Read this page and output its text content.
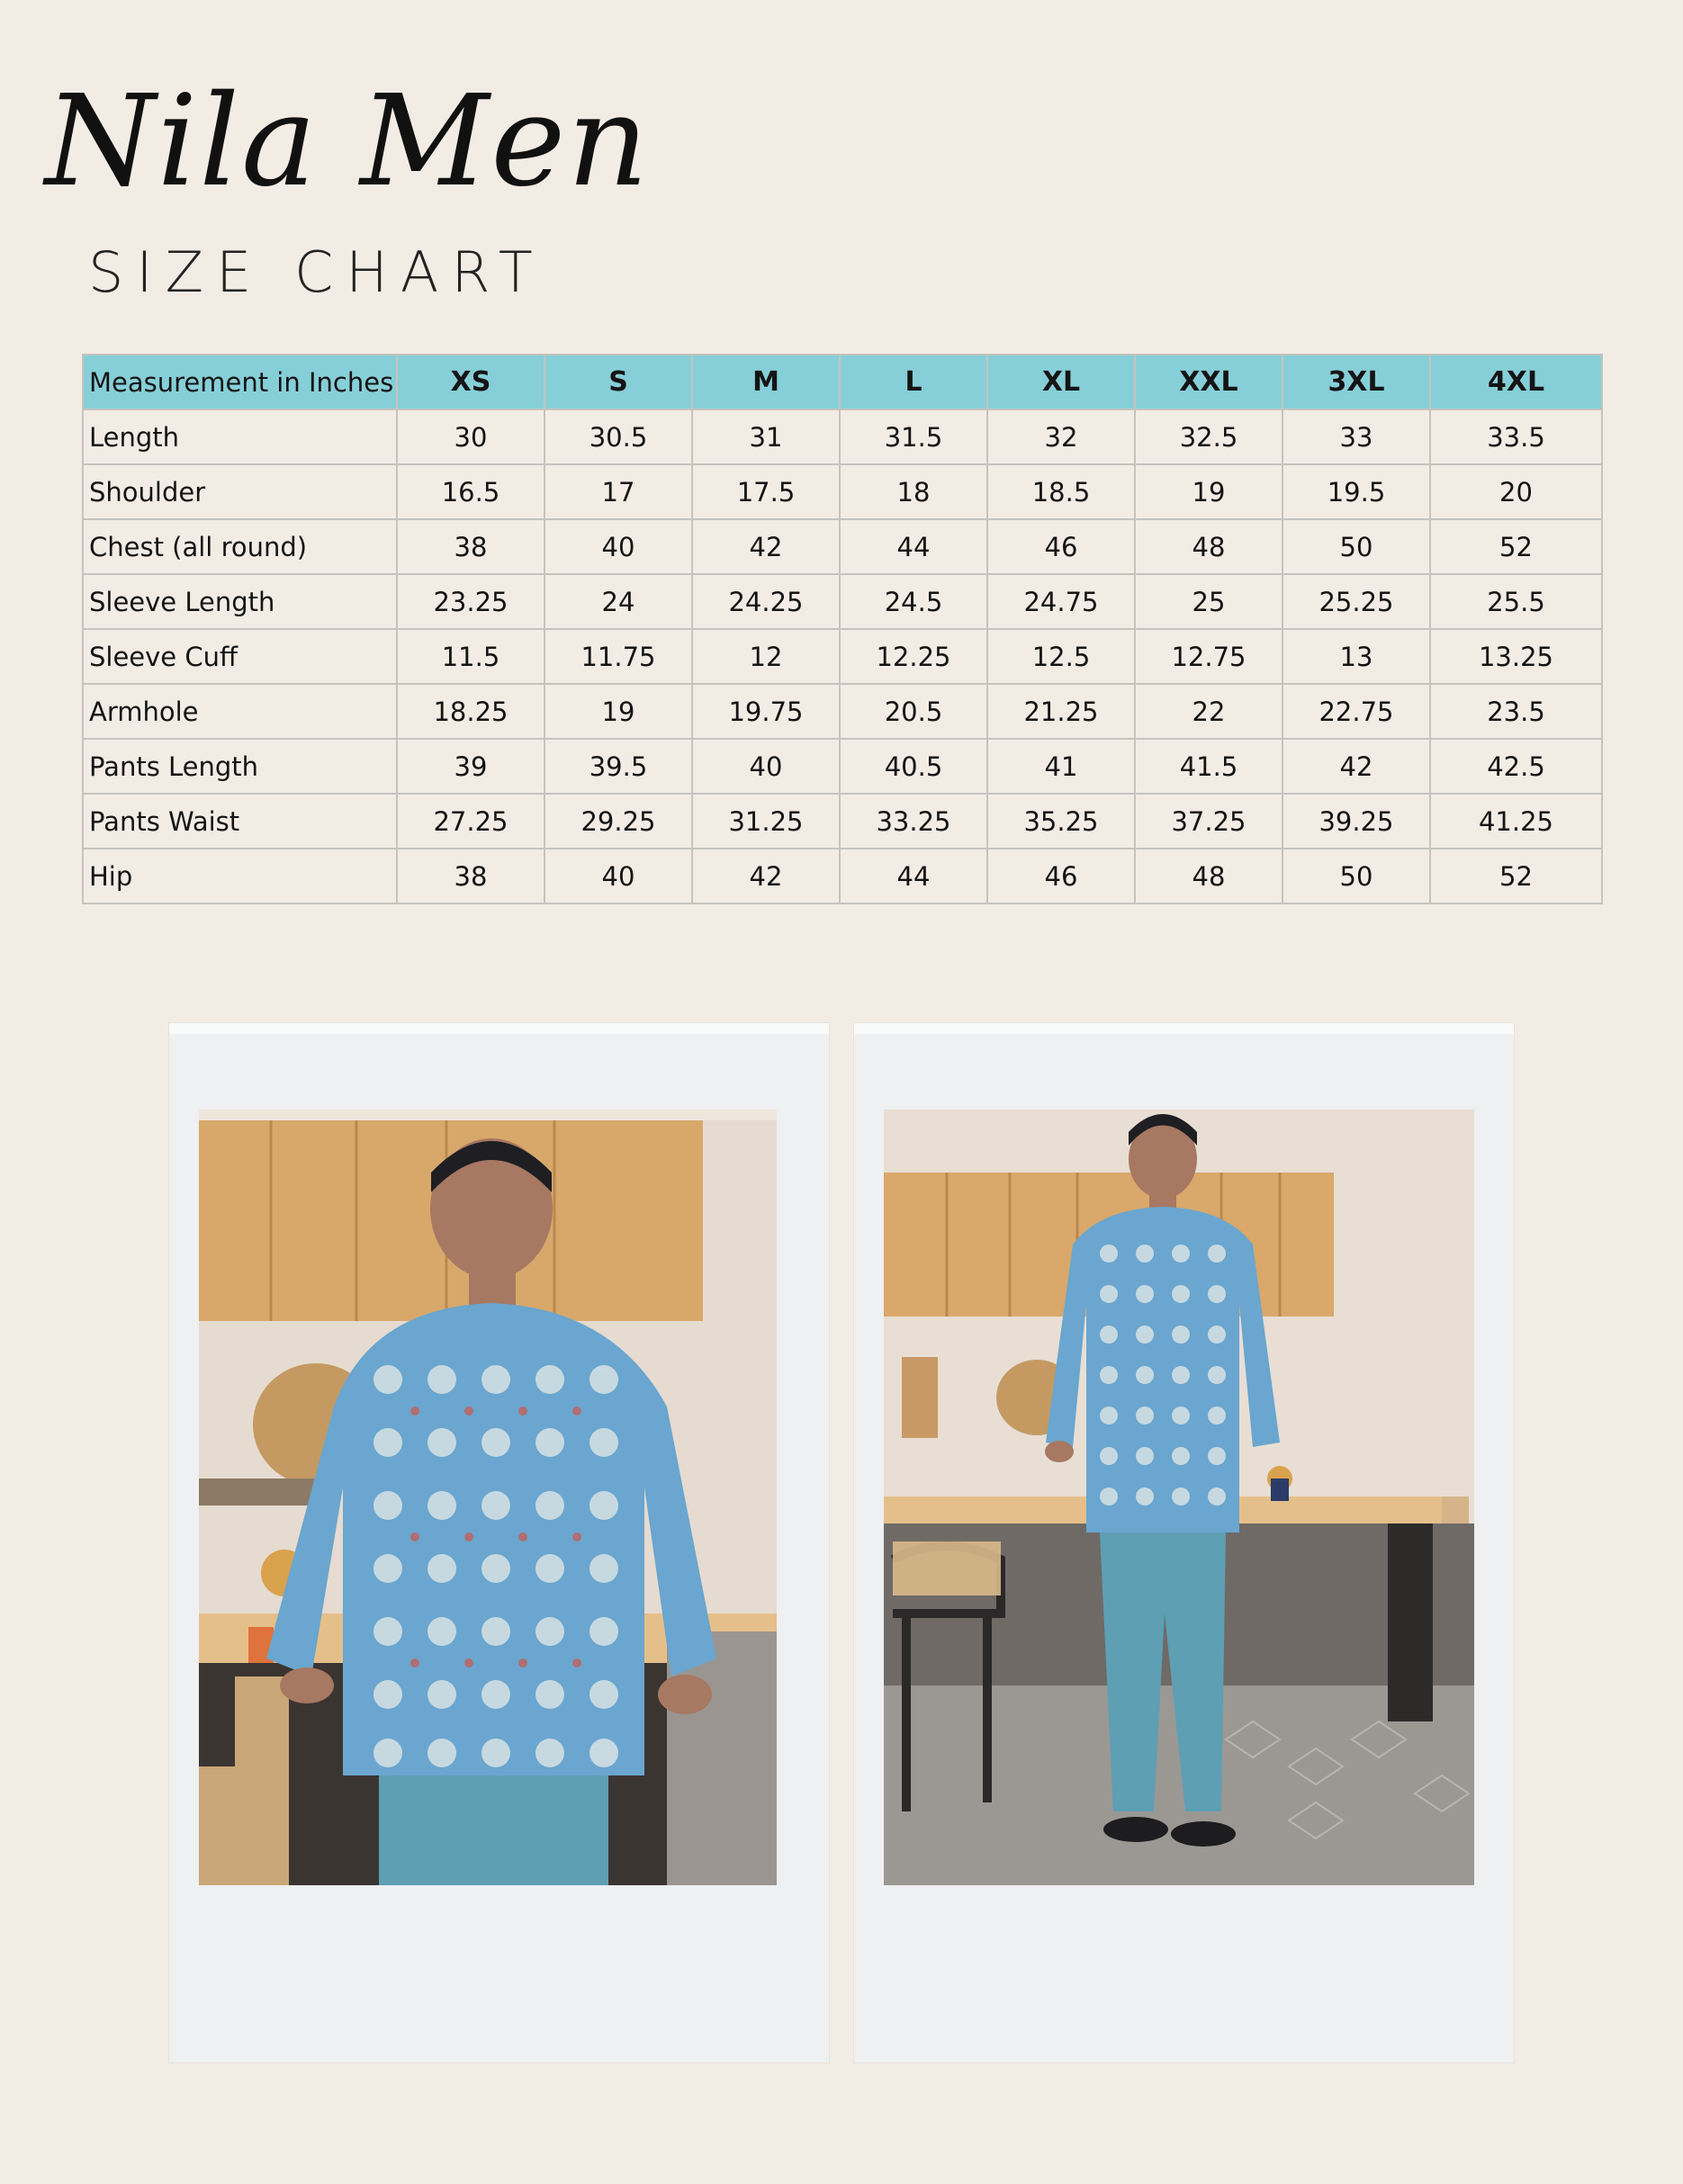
Nila Men
SIZE CHART
Measurement in Inches	XS	S	M	L	XL	XXL	3XL	4XL
Length	30	30.5	31	31.5	32	32.5	33	33.5
Shoulder	16.5	17	17.5	18	18.5	19	19.5	20
Chest (all round)	38	40	42	44	46	48	50	52
Sleeve Length	23.25	24	24.25	24.5	24.75	25	25.25	25.5
Sleeve Cuff	11.5	11.75	12	12.25	12.5	12.75	13	13.25
Armhole	18.25	19	19.75	20.5	21.25	22	22.75	23.5
Pants Length	39	39.5	40	40.5	41	41.5	42	42.5
Pants Waist	27.25	29.25	31.25	33.25	35.25	37.25	39.25	41.25
Hip	38	40	42	44	46	48	50	52
